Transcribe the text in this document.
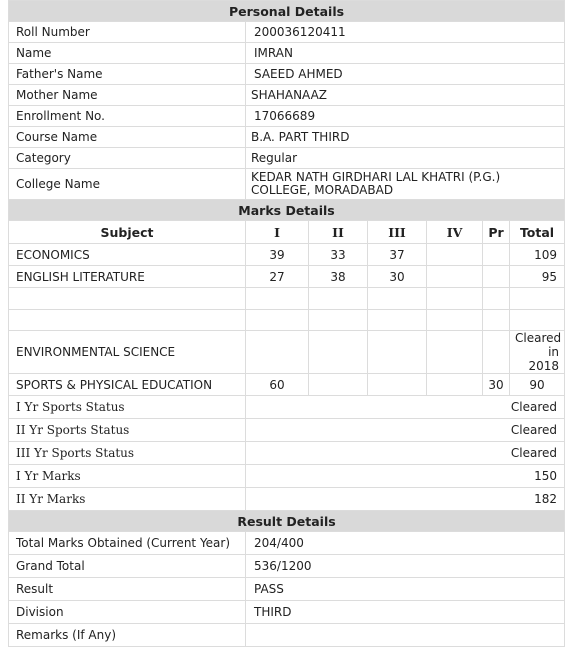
Personal Details						
Roll Number	200036120411					
Name	IMRAN					
Father's Name	SAEED AHMED					
Mother Name	SHAHANAAZ					
Enrollment No.	17066689					
Course Name	B.A. PART THIRD					
Category	Regular					
College Name	KEDAR NATH GIRDHARI LAL KHATRI (P.G.) COLLEGE, MORADABAD					
Marks Details						
Subject	I	II	III	IV	Pr	Total
ECONOMICS	39	33	37			109
ENGLISH LITERATURE	27	38	30			95

ENVIRONMENTAL SCIENCE						Cleared in 2018
SPORTS & PHYSICAL EDUCATION	60				30	90
I Yr Sports Status	Cleared					
II Yr Sports Status	Cleared					
III Yr Sports Status	Cleared					
I Yr Marks	150					
II Yr Marks	182					
Result Details						
Total Marks Obtained (Current Year)	204/400					
Grand Total	536/1200					
Result	PASS					
Division	THIRD					
Remarks (If Any)						
